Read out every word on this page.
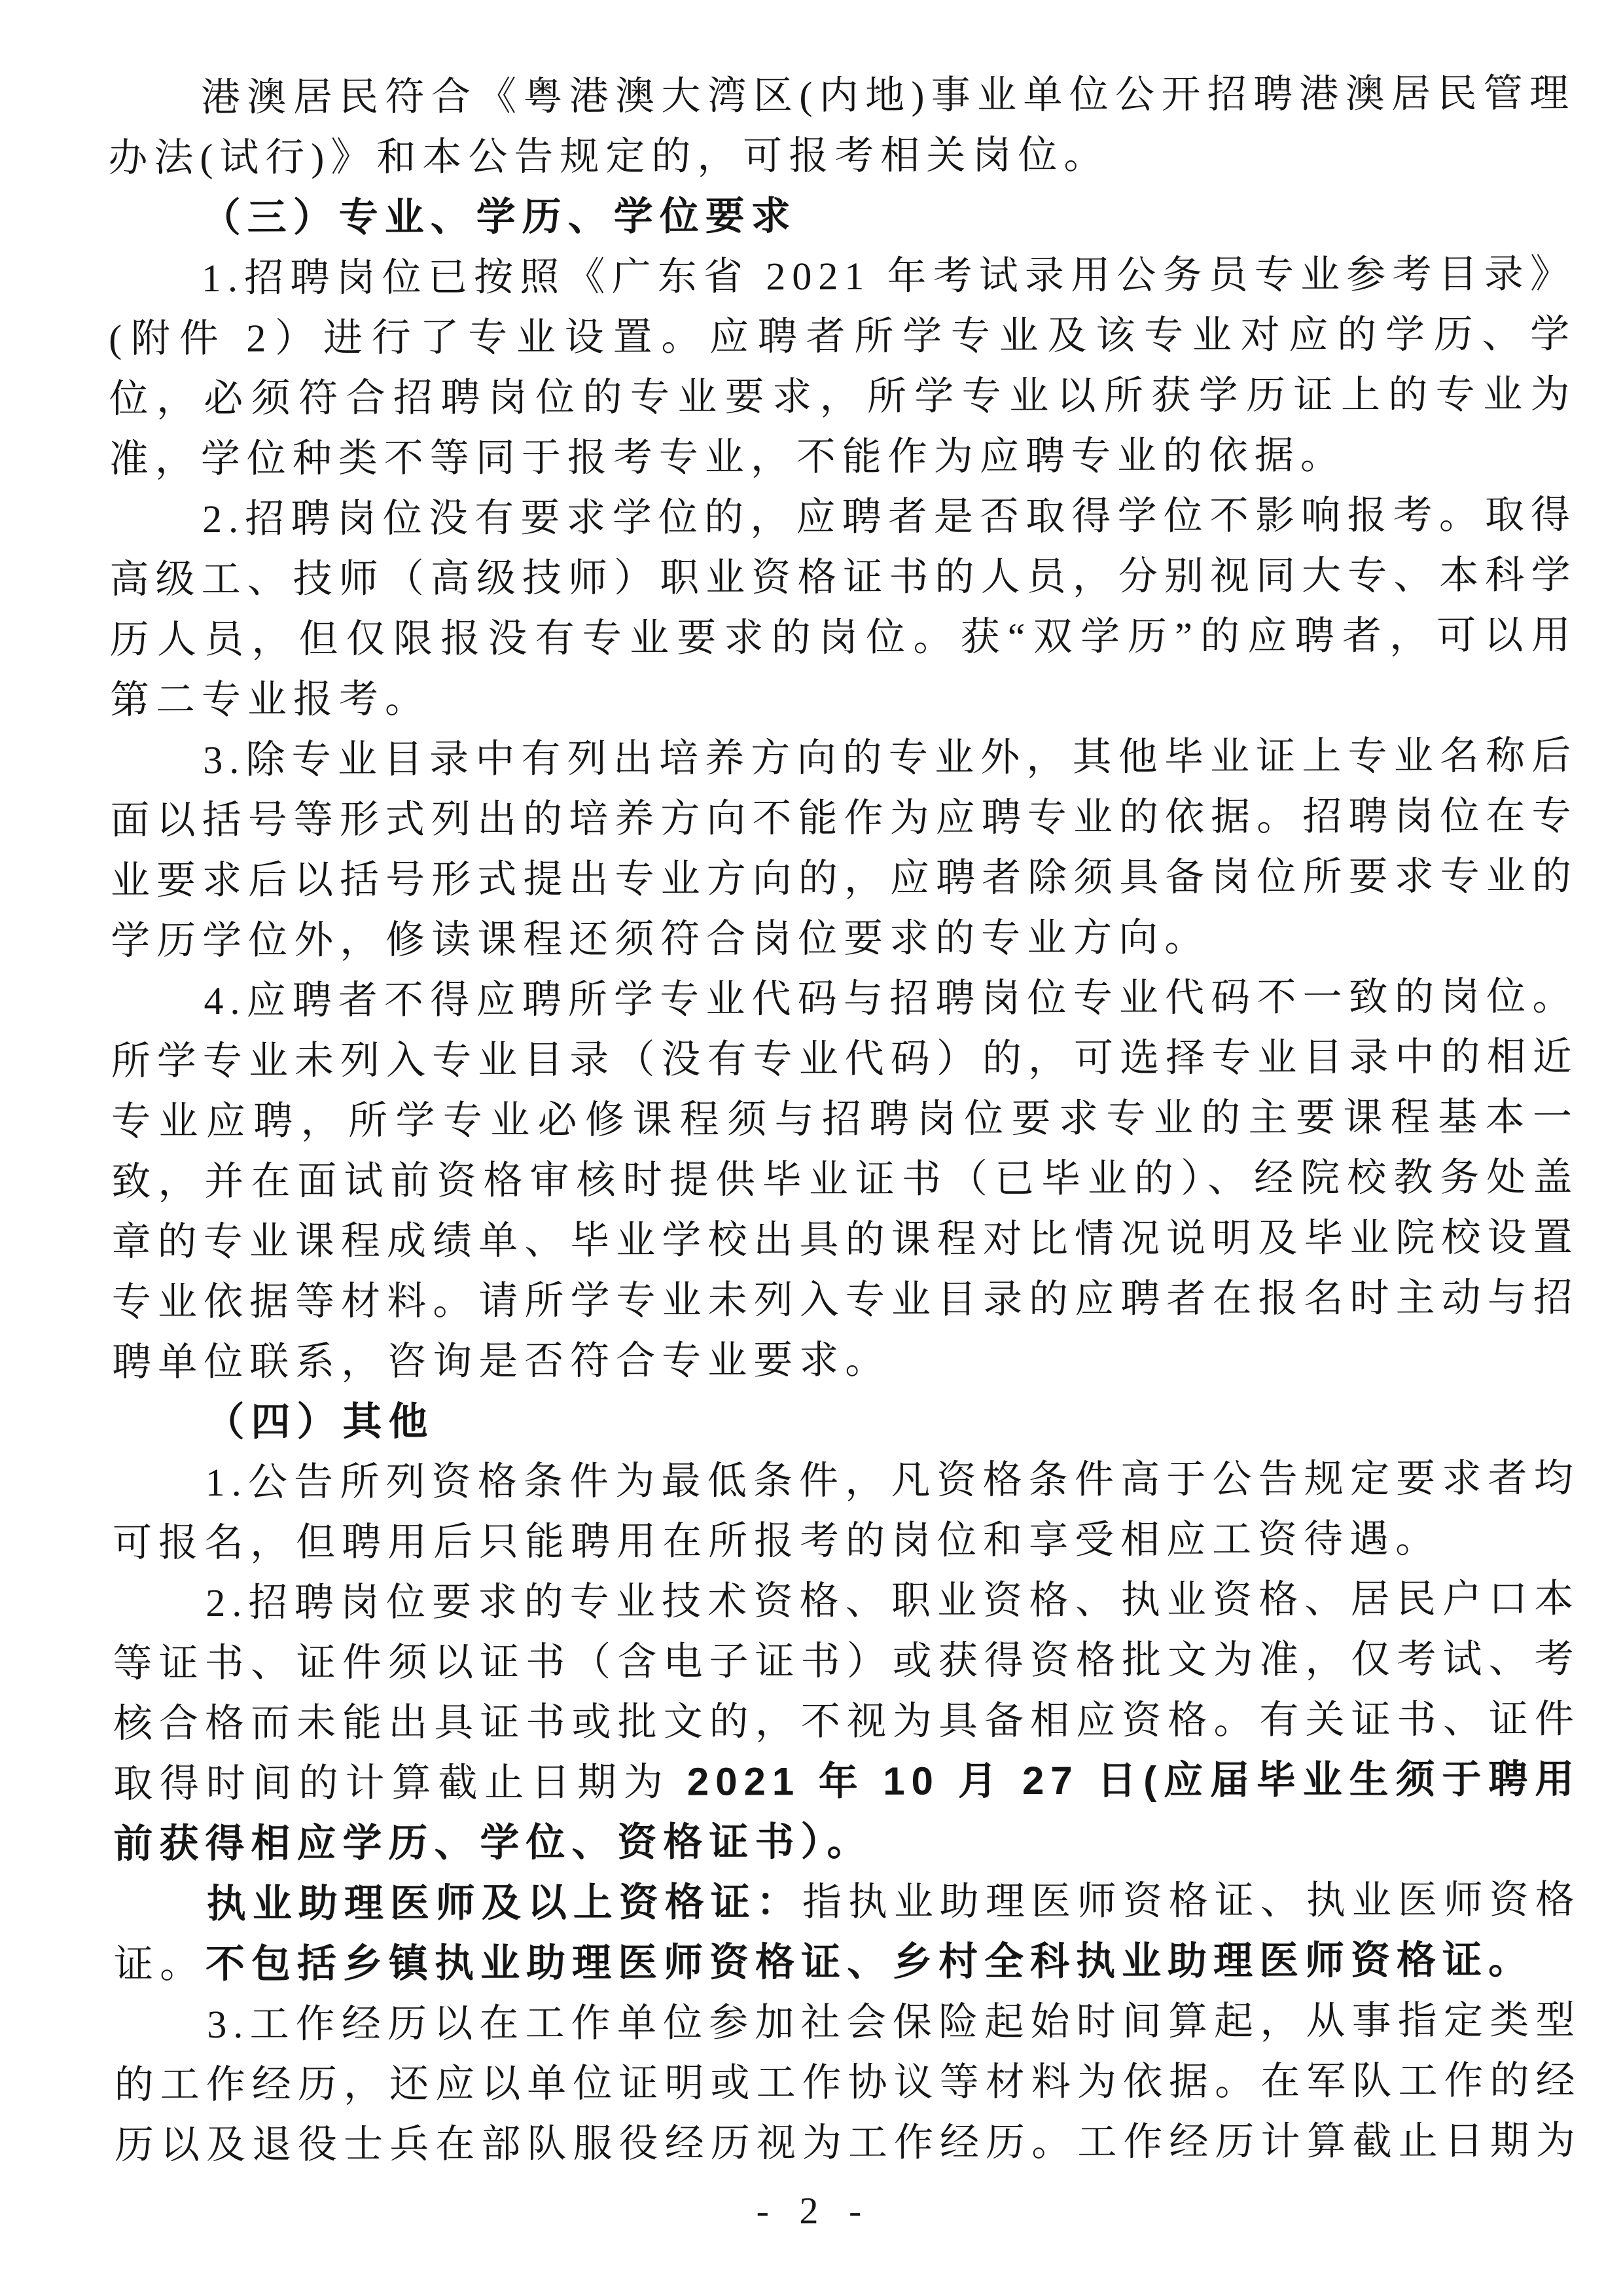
港澳居民符合《粤港澳大湾区(内地)事业单位公开招聘港澳居民管理办法(试行)》和本公告规定的，可报考相关岗位。

（三）专业、学历、学位要求

1.招聘岗位已按照《广东省 2021 年考试录用公务员专业参考目录》(附件 2）进行了专业设置。应聘者所学专业及该专业对应的学历、学位，必须符合招聘岗位的专业要求，所学专业以所获学历证上的专业为准，学位种类不等同于报考专业，不能作为应聘专业的依据。

2.招聘岗位没有要求学位的，应聘者是否取得学位不影响报考。取得高级工、技师（高级技师）职业资格证书的人员，分别视同大专、本科学历人员，但仅限报没有专业要求的岗位。获“双学历”的应聘者，可以用第二专业报考。

3.除专业目录中有列出培养方向的专业外，其他毕业证上专业名称后面以括号等形式列出的培养方向不能作为应聘专业的依据。招聘岗位在专业要求后以括号形式提出专业方向的，应聘者除须具备岗位所要求专业的学历学位外，修读课程还须符合岗位要求的专业方向。

4.应聘者不得应聘所学专业代码与招聘岗位专业代码不一致的岗位。所学专业未列入专业目录（没有专业代码）的，可选择专业目录中的相近专业应聘，所学专业必修课程须与招聘岗位要求专业的主要课程基本一致，并在面试前资格审核时提供毕业证书（已毕业的）、经院校教务处盖章的专业课程成绩单、毕业学校出具的课程对比情况说明及毕业院校设置专业依据等材料。请所学专业未列入专业目录的应聘者在报名时主动与招聘单位联系，咨询是否符合专业要求。

（四）其他

1.公告所列资格条件为最低条件，凡资格条件高于公告规定要求者均可报名，但聘用后只能聘用在所报考的岗位和享受相应工资待遇。

2.招聘岗位要求的专业技术资格、职业资格、执业资格、居民户口本等证书、证件须以证书（含电子证书）或获得资格批文为准，仅考试、考核合格而未能出具证书或批文的，不视为具备相应资格。有关证书、证件取得时间的计算截止日期为 2021 年 10 月 27 日(应届毕业生须于聘用前获得相应学历、学位、资格证书）。

执业助理医师及以上资格证：指执业助理医师资格证、执业医师资格证。不包括乡镇执业助理医师资格证、乡村全科执业助理医师资格证。

3.工作经历以在工作单位参加社会保险起始时间算起，从事指定类型的工作经历，还应以单位证明或工作协议等材料为依据。在军队工作的经历以及退役士兵在部队服役经历视为工作经历。工作经历计算截止日期为

- 2 -
